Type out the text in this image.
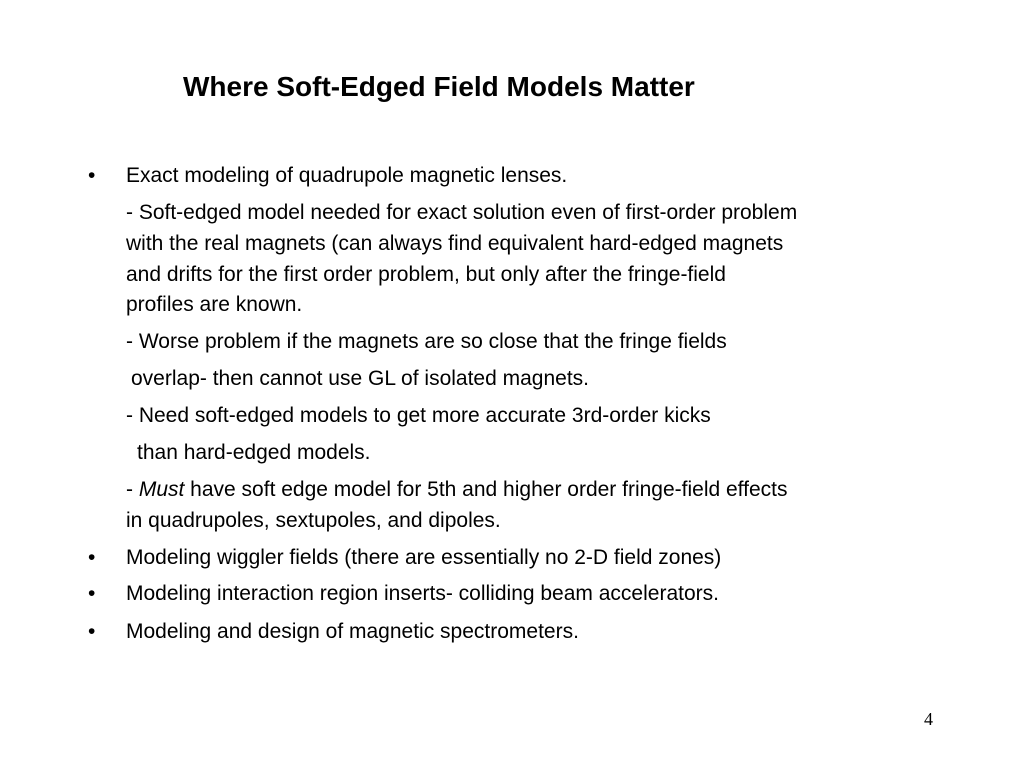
Where Soft-Edged Field Models Matter
•	Exact modeling of quadrupole magnetic lenses.
- Soft-edged model needed for exact solution even of first-order problem
with the real magnets (can always find equivalent hard-edged magnets
and drifts for the first order problem, but only after the fringe-field
profiles are known.
- Worse problem if the magnets are so close that the fringe fields
overlap- then cannot use GL of isolated magnets.
- Need soft-edged models to get more accurate 3rd-order kicks
than hard-edged models.
- Must have soft edge model for 5th and higher order fringe-field effects
in quadrupoles, sextupoles, and dipoles.
•	Modeling wiggler fields (there are essentially no 2-D field zones)
•	Modeling interaction region inserts- colliding beam accelerators.
•	Modeling and design of magnetic spectrometers.
4
